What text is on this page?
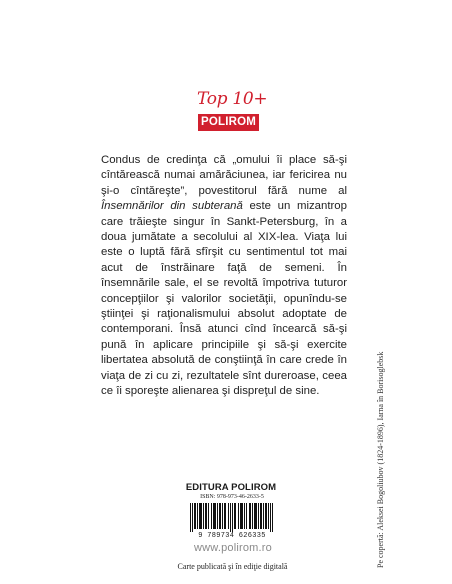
Top 10+
POLIROM

Condus de credinţa că „omului îi place să-şi cîntărească numai amărăciunea, iar fericirea nu şi-o cîntăreşte”, povestitorul fără nume al Însemnărilor din subterană este un mizantrop care trăieşte singur în Sankt-Petersburg, în a doua jumătate a secolului al XIX-lea. Viaţa lui este o luptă fără sfîrşit cu sentimentul tot mai acut de înstrăinare faţă de semeni. În însemnările sale, el se revoltă împotriva tuturor concepţiilor şi valorilor societăţii, opunîndu-se ştiinţei şi raţionalismului absolut adoptate de contemporani. Însă atunci cînd încearcă să-şi pună în aplicare principiile şi să-şi exercite libertatea absolută de conştiinţă în care crede în viaţa de zi cu zi, rezultatele sînt dureroase, ceea ce îi sporeşte alienarea şi dispreţul de sine.	Pe copertă: Aleksei Bogoliubov (1824-1896), Iarna în Borisoglebsk
EDITURA POLIROM
ISBN: 978-973-46-2633-5
9 789734 626335
www.polirom.ro
Carte publicată şi în ediţie digitală
